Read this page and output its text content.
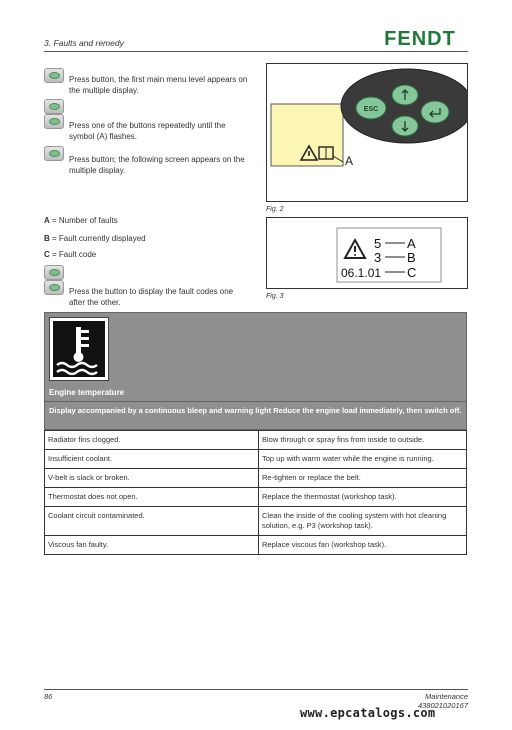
3. Faults and remedy	FENDT
Press button, the first main menu level appears on the multiple display.
Press one of the buttons repeatedly until the symbol (A) flashes.
Press button; the following screen appears on the multiple display.
A = Number of faults
B = Fault currently displayed
C = Fault code
Press the button to display the fault codes one after the other.
A
ESC
Fig. 2
5
3
06.1.01
A
B
C
Fig. 3
Engine temperature
Display accompanied by a continuous bleep and warning light Reduce the engine load immediately, then switch off.
Radiator fins clogged.	Blow through or spray fins from inside to outside.
Insufficient coolant.	Top up with warm water while the engine is running.
V-belt is slack or broken.	Re-tighten or replace the belt.
Thermostat does not open.	Replace the thermostat (workshop task).
Coolant circuit contaminated.	Clean the inside of the cooling system with hot cleaning solution, e.g. P3 (workshop task).
Viscous fan faulty.	Replace viscous fan (workshop task).
86	Maintenance
438021020167
www.epcatalogs.com
